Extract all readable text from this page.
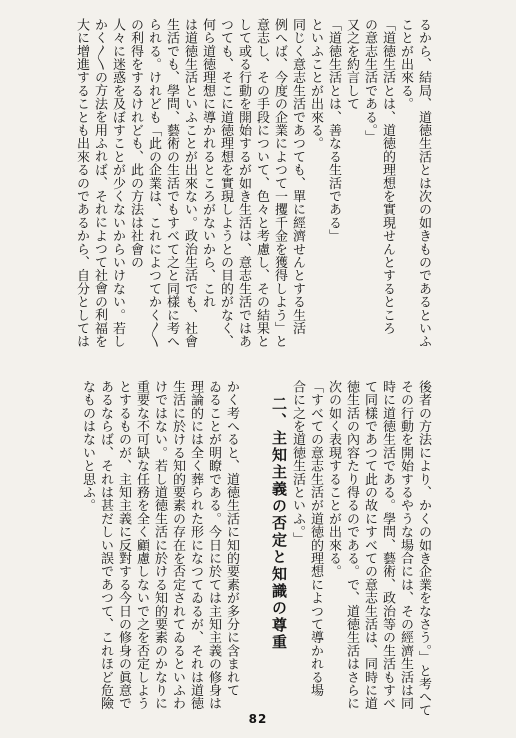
るから、結局、道徳生活とは次の如きものであるといふ

ことが出來る。

「道徳生活とは、道徳的理想を實現せんとするところ

の意志生活である。」

又之を約言して

「道徳生活とは、善なる生活である」

といふことが出來る。

同じく意志生活であつても、單に經濟せんとする生活

例へば、今度の企業によつて一攫千金を獲得しよう」と

意志し、その手段について、色々と考慮し、その結果と

して或る行動を開始するが如き生活は、意志生活ではあ

つても、そこに道徳理想を實現しようとの目的がなく、

何ら道徳理想に導かれるところがないから、これ

は道徳生活といふことが出來ない。政治生活でも、社會

生活でも、學問、藝術の生活でもすべて之と同樣に考へ

られる。けれども「此の企業は、これによつてかく〳〵

の利得をするけれども、此の方法は社會の

人々に迷惑を及ぼすことが少くないからいけない。若し

かく〳〵の方法を用ふれば、それによつて社會の利福を

大に增進することも出來るのであるから、自分としては

後者の方法により、かくの如き企業をなさう。」と考へて

その行動を開始するやうな場合には、その經濟生活は同

時に道徳生活である。學問、藝術、政治等の生活もすべ

て同樣であつて此の故にすべての意志生活は、同時に道

徳生活の內容たり得るのである。で、道徳生活はさらに

次の如く表現することが出來る。

「すべての意志生活が道徳的理想によつて導かれる場

合に之を道徳生活といふ。」

二、主知主義の否定と知識の尊重

かく考へると、道徳生活に知的要素が多分に含まれて

ゐることが明瞭である。今日に於ては主知主義の修身は

理論的には全く葬られた形になつてゐるが、それは道徳

生活に於ける知的要素の存在を否定されてゐるといふわ

けではない。若し道徳生活に於ける知的要素のかなりに

重要な不可缺な任務を全く顧慮しないで之を否定しよう

とするものが、主知主義に反對する今日の修身の眞意で

あるならば、それは甚だしい誤であつて、これほど危險

なものはないと思ふ。

82
